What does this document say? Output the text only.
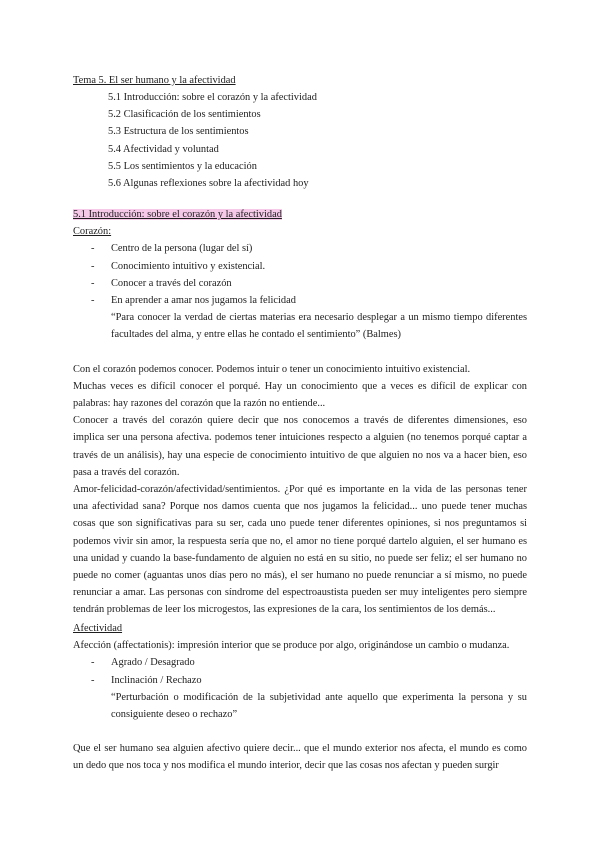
Tema 5. El ser humano y la afectividad
5.1 Introducción: sobre el corazón y la afectividad
5.2 Clasificación de los sentimientos
5.3 Estructura de los sentimientos
5.4 Afectividad y voluntad
5.5 Los sentimientos y la educación
5.6 Algunas reflexiones sobre la afectividad hoy
5.1 Introducción: sobre el corazón y la afectividad
Corazón:
-	Centro de la persona (lugar del sí)
-	Conocimiento intuitivo y existencial.
-	Conocer a través del corazón
-	En aprender a amar nos jugamos la felicidad
“Para conocer la verdad de ciertas materias era necesario desplegar a un mismo tiempo diferentes facultades del alma, y entre ellas he contado el sentimiento” (Balmes)
Con el corazón podemos conocer. Podemos intuir o tener un conocimiento intuitivo existencial.
Muchas veces es difícil conocer el porqué. Hay un conocimiento que a veces es difícil de explicar con palabras: hay razones del corazón que la razón no entiende...
Conocer a través del corazón quiere decir que nos conocemos a través de diferentes dimensiones, eso implica ser una persona afectiva. podemos tener intuiciones respecto a alguien (no tenemos porqué captar a través de un análisis), hay una especie de conocimiento intuitivo de que alguien no nos va a hacer bien, eso pasa a través del corazón.
Amor-felicidad-corazón/afectividad/sentimientos. ¿Por qué es importante en la vida de las personas tener una afectividad sana? Porque nos damos cuenta que nos jugamos la felicidad... uno puede tener muchas cosas que son significativas para su ser, cada uno puede tener diferentes opiniones, si nos preguntamos si podemos vivir sin amor, la respuesta sería que no, el amor no tiene porqué dartelo alguien, el ser humano es una unidad y cuando la base-fundamento de alguien no está en su sitio, no puede ser feliz; el ser humano no puede no comer (aguantas unos días pero no más), el ser humano no puede renunciar a sí mismo, no puede renunciar a amar. Las personas con síndrome del espectroaustista pueden ser muy inteligentes pero siempre tendrán problemas de leer los microgestos, las expresiones de la cara, los sentimientos de los demás...
Afectividad
Afección (affectationis): impresión interior que se produce por algo, originándose un cambio o mudanza.
-	Agrado / Desagrado
-	Inclinación / Rechazo
“Perturbación o modificación de la subjetividad ante aquello que experimenta la persona y su consiguiente deseo o rechazo”
Que el ser humano sea alguien afectivo quiere decir... que el mundo exterior nos afecta, el mundo es como un dedo que nos toca y nos modifica el mundo interior, decir que las cosas nos afectan y pueden surgir
